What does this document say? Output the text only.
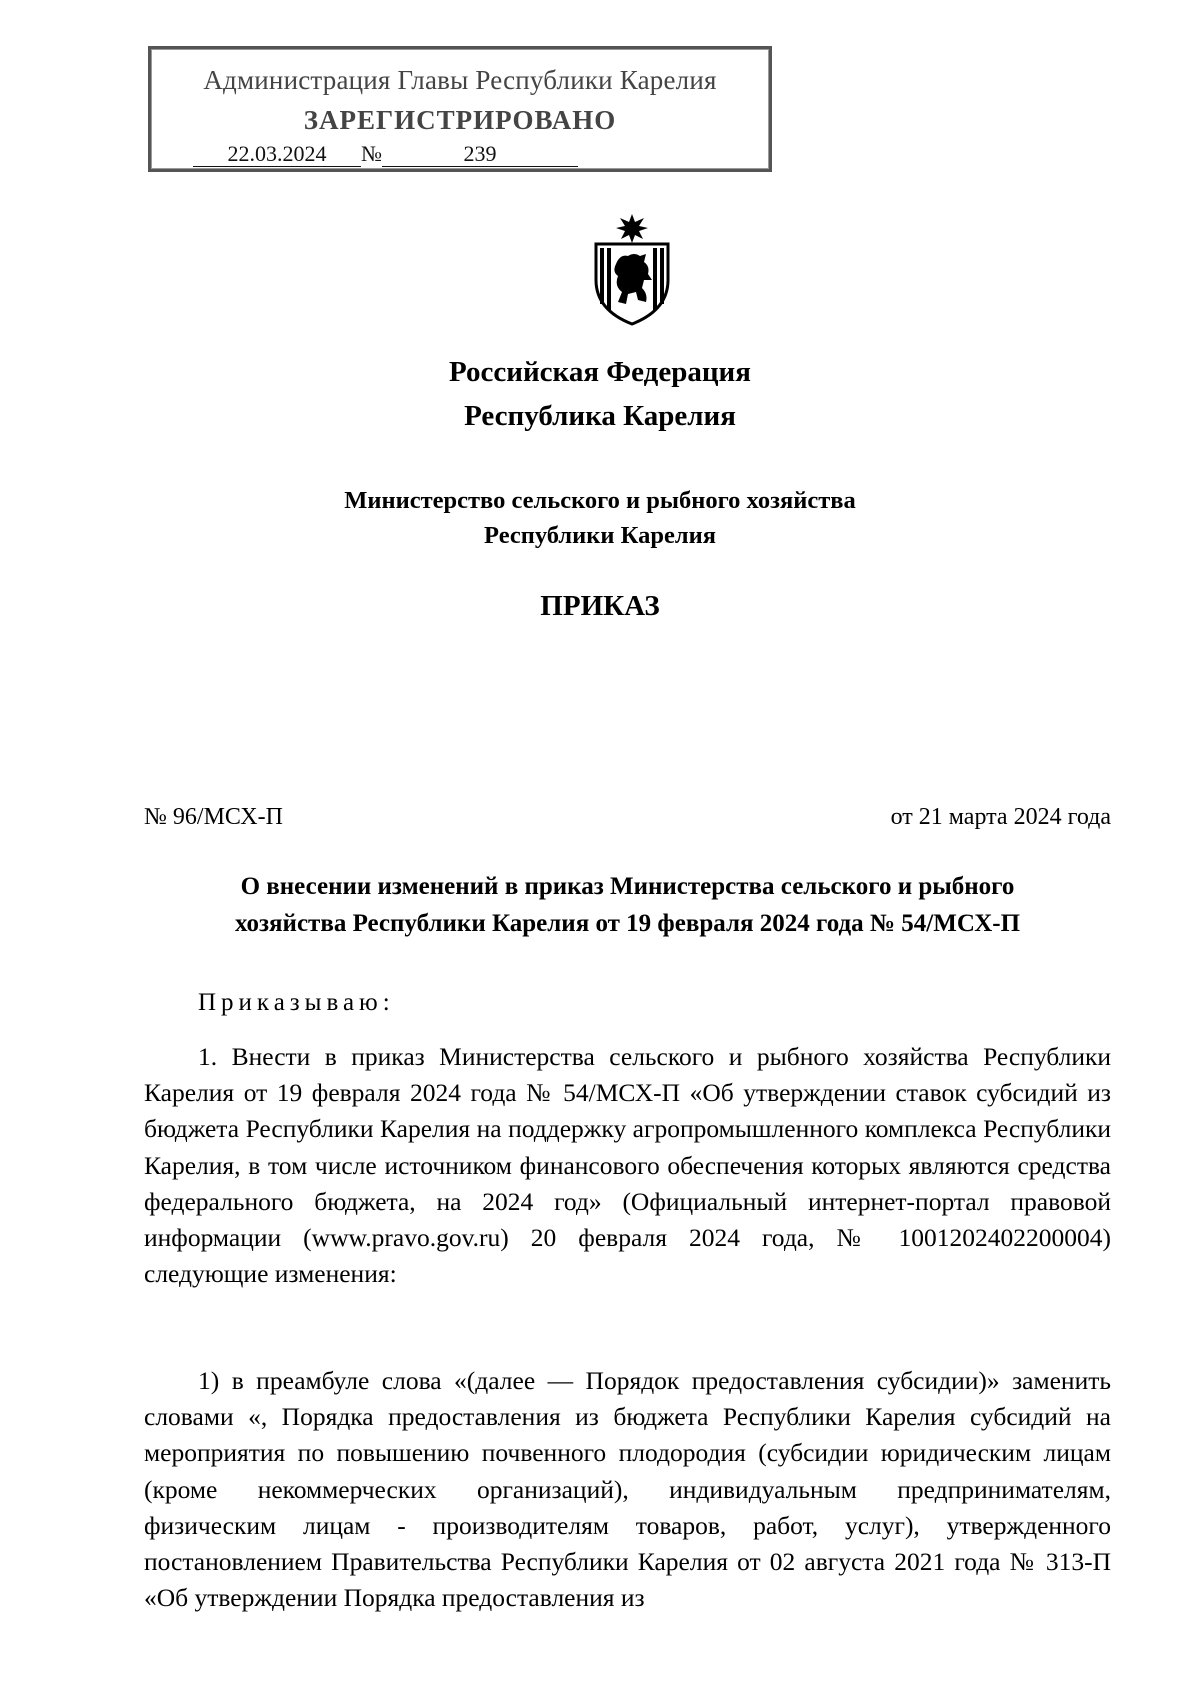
Администрация Главы Республики Карелия
ЗАРЕГИСТРИРОВАНО
22.03.2024 №	239
Российская Федерация
Республика Карелия
Министерство сельского и рыбного хозяйства
Республики Карелия
ПРИКАЗ
№ 96/МСХ-П	от 21 марта 2024 года
О внесении изменений в приказ Министерства сельского и рыбного
хозяйства Республики Карелия от 19 февраля 2024 года № 54/МСХ-П
Приказываю:

1. Внести в приказ Министерства сельского и рыбного хозяйства Республики Карелия от 19 февраля 2024 года № 54/МСХ-П «Об утверждении ставок субсидий из бюджета Республики Карелия на поддержку агропромышленного комплекса Республики Карелия, в том числе источником финансового обеспечения которых являются средства федерального бюджета, на 2024 год» (Официальный интернет-портал правовой информации (www.pravo.gov.ru) 20 февраля 2024 года, № 1001202402200004) следующие изменения:

1) в преамбуле слова «(далее — Порядок предоставления субсидии)» заменить словами «, Порядка предоставления из бюджета Республики Карелия субсидий на мероприятия по повышению почвенного плодородия (субсидии юридическим лицам (кроме некоммерческих организаций), индивидуальным предпринимателям, физическим лицам - производителям товаров, работ, услуг), утвержденного постановлением Правительства Республики Карелия от 02 августа 2021 года № 313-П «Об утверждении Порядка предоставления из
